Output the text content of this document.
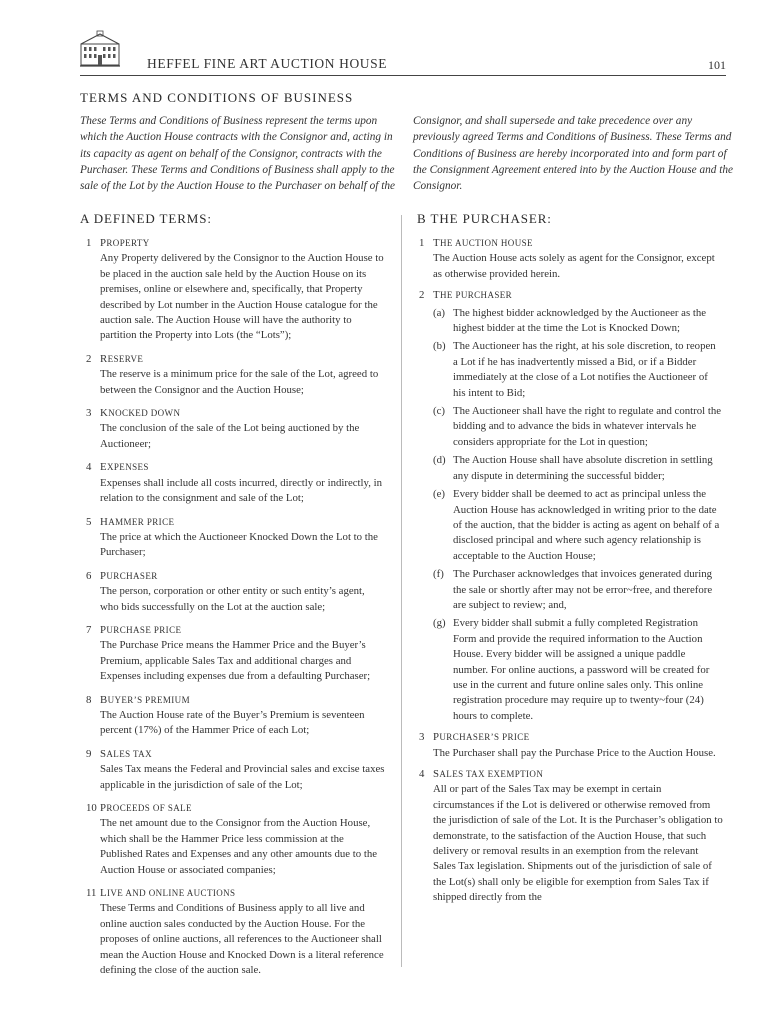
HEFFEL FINE ART AUCTION HOUSE	101
TERMS AND CONDITIONS OF BUSINESS

These Terms and Conditions of Business represent the terms upon which the Auction House contracts with the Consignor and, acting in its capacity as agent on behalf of the Consignor, contracts with the Purchaser. These Terms and Conditions of Business shall apply to the sale of the Lot by the Auction House to the Purchaser on behalf of the

Consignor, and shall supersede and take precedence over any previously agreed Terms and Conditions of Business. These Terms and Conditions of Business are hereby incorporated into and form part of the Consignment Agreement entered into by the Auction House and the Consignor.

A DEFINED TERMS:	B THE PURCHASER:
1 PROPERTY

Any Property delivered by the Consignor to the Auction House to be placed in the auction sale held by the Auction House on its premises, online or elsewhere and, specifically, that Property described by Lot number in the Auction House catalogue for the auction sale. The Auction House will have the authority to partition the Property into Lots (the “Lots”);

2 RESERVE

The reserve is a minimum price for the sale of the Lot, agreed to between the Consignor and the Auction House;

3 KNOCKED DOWN

The conclusion of the sale of the Lot being auctioned by the Auctioneer;

4 EXPENSES

Expenses shall include all costs incurred, directly or indirectly, in relation to the consignment and sale of the Lot;

5 HAMMER PRICE

The price at which the Auctioneer Knocked Down the Lot to the Purchaser;

6 PURCHASER

The person, corporation or other entity or such entity’s agent, who bids successfully on the Lot at the auction sale;

7 PURCHASE PRICE

The Purchase Price means the Hammer Price and the Buyer’s Premium, applicable Sales Tax and additional charges and Expenses including expenses due from a defaulting Purchaser;

8 BUYER’S PREMIUM

The Auction House rate of the Buyer’s Premium is seventeen percent (17%) of the Hammer Price of each Lot;

9 SALES TAX

Sales Tax means the Federal and Provincial sales and excise taxes applicable in the jurisdiction of sale of the Lot;

10 PROCEEDS OF SALE

The net amount due to the Consignor from the Auction House, which shall be the Hammer Price less commission at the Published Rates and Expenses and any other amounts due to the Auction House or associated companies;

11 LIVE AND ONLINE AUCTIONS

These Terms and Conditions of Business apply to all live and online auction sales conducted by the Auction House. For the proposes of online auctions, all references to the Auctioneer shall mean the Auction House and Knocked Down is a literal reference defining the close of the auction sale.

1 THE AUCTION HOUSE

The Auction House acts solely as agent for the Consignor, except as otherwise provided herein.

2 THE PURCHASER
(a) The highest bidder acknowledged by the Auctioneer as the highest bidder at the time the Lot is Knocked Down;
(b) The Auctioneer has the right, at his sole discretion, to reopen a Lot if he has inadvertently missed a Bid, or if a Bidder immediately at the close of a Lot notifies the Auctioneer of his intent to Bid;
(c) The Auctioneer shall have the right to regulate and control the bidding and to advance the bids in whatever intervals he considers appropriate for the Lot in question;
(d) The Auction House shall have absolute discretion in settling any dispute in determining the successful bidder;
(e) Every bidder shall be deemed to act as principal unless the Auction House has acknowledged in writing prior to the date of the auction, that the bidder is acting as agent on behalf of a disclosed principal and where such agency relationship is acceptable to the Auction House;
(f) The Purchaser acknowledges that invoices generated during the sale or shortly after may not be error~free, and therefore are subject to review; and,
(g) Every bidder shall submit a fully completed Registration Form and provide the required information to the Auction House. Every bidder will be assigned a unique paddle number. For online auctions, a password will be created for use in the current and future online sales only. This online registration procedure may require up to twenty~four (24) hours to complete.
3 PURCHASER’S PRICE

The Purchaser shall pay the Purchase Price to the Auction House.

4 SALES TAX EXEMPTION

All or part of the Sales Tax may be exempt in certain circumstances if the Lot is delivered or otherwise removed from the jurisdiction of sale of the Lot. It is the Purchaser’s obligation to demonstrate, to the satisfaction of the Auction House, that such delivery or removal results in an exemption from the relevant Sales Tax legislation. Shipments out of the jurisdiction of sale of the Lot(s) shall only be eligible for exemption from Sales Tax if shipped directly from the
